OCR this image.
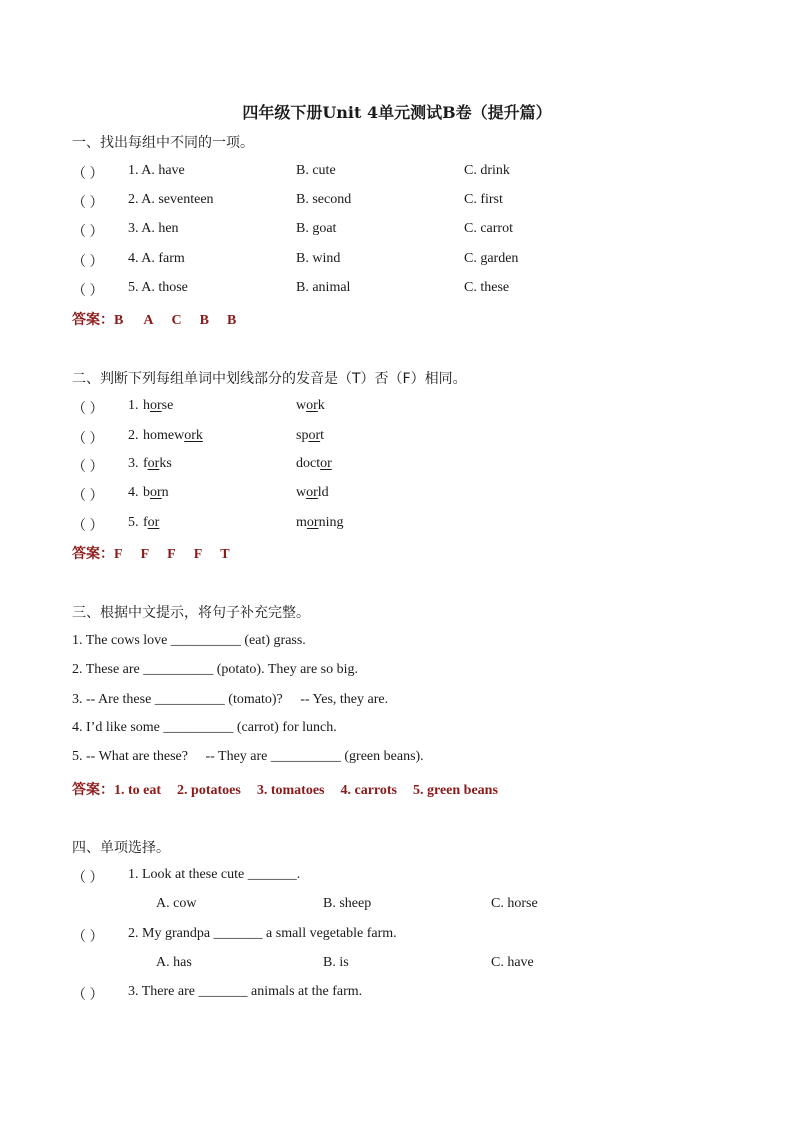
四年级下册Unit 4单元测试B卷（提升篇）
一、找出每组中不同的一项。
（ ） 1. A. have	B. cute	C. drink
（ ） 2. A. seventeen	B. second	C. first
（ ） 3. A. hen	B. goat	C. carrot
（ ） 4. A. farm	B. wind	C. garden
（ ） 5. A. those	B. animal	C. these
答案：B A C B B
二、判断下列每组单词中划线部分的发音是（T）否（F）相同。
（ ） 1. horse	work
（ ） 2. homework	sport
（ ） 3. forks	doctor
（ ） 4. born	world
（ ） 5. for	morning
答案：F F F F T
三、根据中文提示，将句子补充完整。
1. The cows love __________ (eat) grass.
2. These are __________ (potato). They are so big.
3. -- Are these __________ (tomato)?     -- Yes, they are.
4. I’d like some __________ (carrot) for lunch.
5. -- What are these?     -- They are __________ (green beans).
答案：1. to eat 2. potatoes 3. tomatoes 4. carrots 5. green beans
四、单项选择。
（ ） 1. Look at these cute _______.
A. cow	B. sheep	C. horse
（ ） 2. My grandpa _______ a small vegetable farm.
A. has	B. is	C. have
（ ） 3. There are _______ animals at the farm.
